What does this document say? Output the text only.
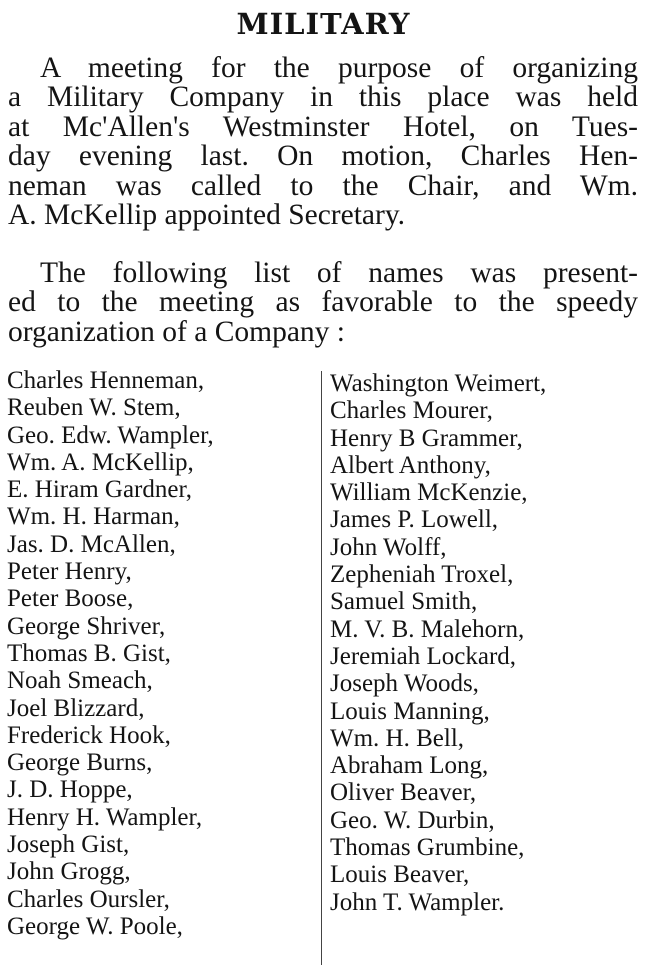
MILITARY

A meeting for the purpose of organizing
a Military Company in this place was held
at Mc'Allen's Westminster Hotel, on Tues-
day evening last. On motion, Charles Hen-
neman was called to the Chair, and Wm.
A. McKellip appointed Secretary.

The following list of names was present-
ed to the meeting as favorable to the speedy
organization of a Company :

Charles Henneman,
Reuben W. Stem,
Geo. Edw. Wampler,
Wm. A. McKellip,
E. Hiram Gardner,
Wm. H. Harman,
Jas. D. McAllen,
Peter Henry,
Peter Boose,
George Shriver,
Thomas B. Gist,
Noah Smeach,
Joel Blizzard,
Frederick Hook,
George Burns,
J. D. Hoppe,
Henry H. Wampler,
Joseph Gist,
John Grogg,
Charles Oursler,
George W. Poole,
Washington Weimert,
Charles Mourer,
Henry B Grammer,
Albert Anthony,
William McKenzie,
James P. Lowell,
John Wolff,
Zepheniah Troxel,
Samuel Smith,
M. V. B. Malehorn,
Jeremiah Lockard,
Joseph Woods,
Louis Manning,
Wm. H. Bell,
Abraham Long,
Oliver Beaver,
Geo. W. Durbin,
Thomas Grumbine,
Louis Beaver,
John T. Wampler.
